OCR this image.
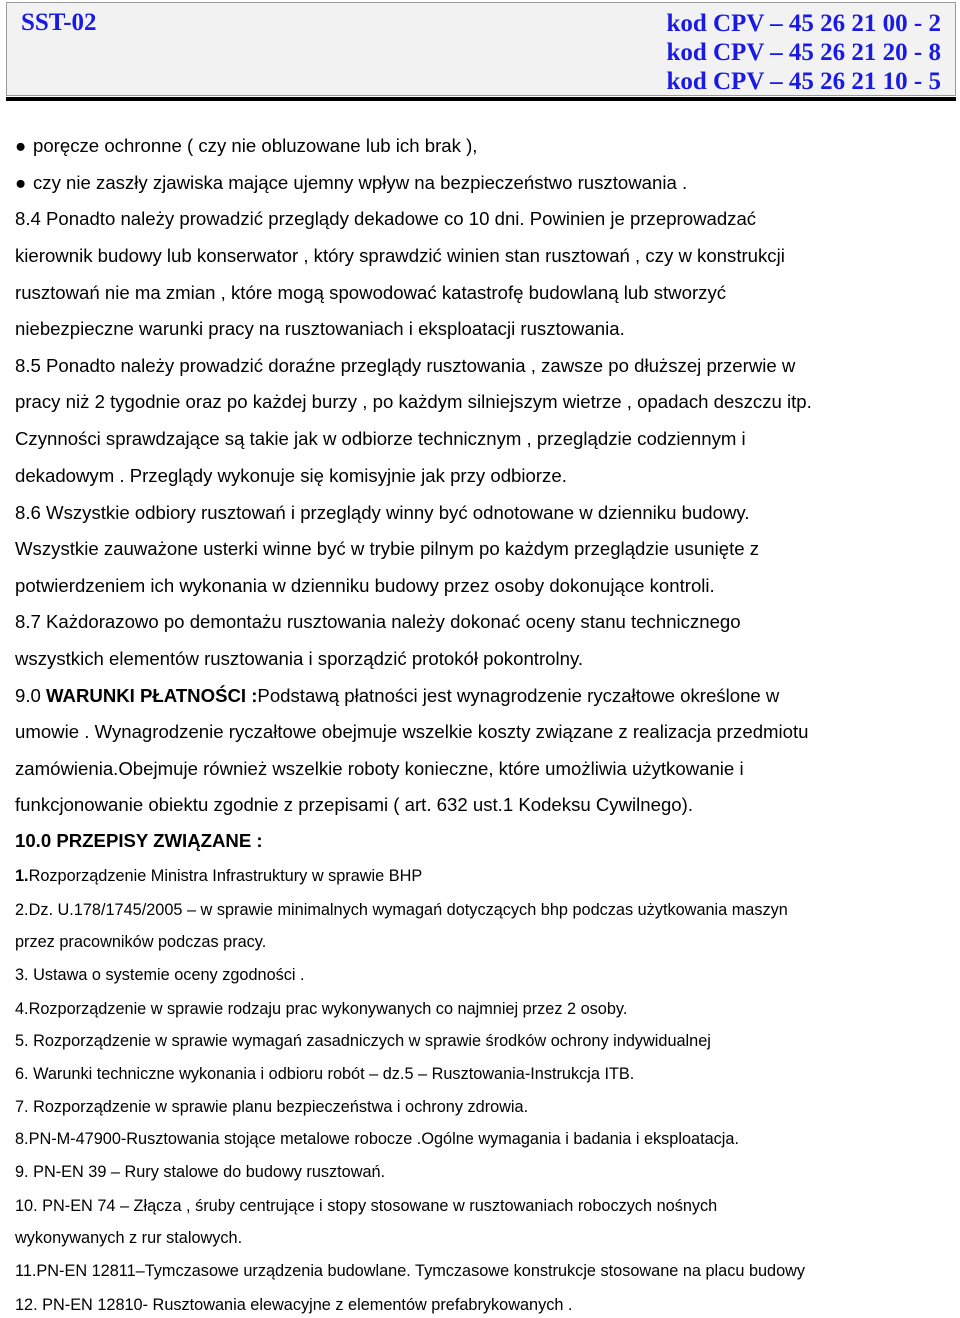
SST-02	kod CPV – 45 26 21 00 - 2
kod CPV – 45 26 21 20 - 8
kod CPV – 45 26 21 10 - 5
● poręcze ochronne ( czy nie obluzowane lub ich brak ),
● czy nie zaszły zjawiska mające ujemny wpływ na bezpieczeństwo rusztowania .
8.4 Ponadto należy prowadzić przeglądy dekadowe co 10 dni. Powinien je przeprowadzać
kierownik budowy lub konserwator , który sprawdzić winien stan rusztowań , czy w konstrukcji
rusztowań nie ma zmian , które mogą spowodować katastrofę budowlaną lub stworzyć
niebezpieczne warunki pracy na rusztowaniach i eksploatacji rusztowania.
8.5 Ponadto należy prowadzić doraźne przeglądy rusztowania , zawsze po dłuższej przerwie w
pracy niż 2 tygodnie oraz po każdej burzy , po każdym silniejszym wietrze , opadach deszczu itp.
Czynności sprawdzające są takie jak w odbiorze technicznym , przeglądzie codziennym i
dekadowym . Przeglądy wykonuje się komisyjnie jak przy odbiorze.
8.6 Wszystkie odbiory rusztowań i przeglądy winny być odnotowane w dzienniku budowy.
Wszystkie zauważone usterki winne być w trybie pilnym po każdym przeglądzie usunięte z
potwierdzeniem ich wykonania w dzienniku budowy przez osoby dokonujące kontroli.
8.7 Każdorazowo po demontażu rusztowania należy dokonać oceny stanu technicznego
wszystkich elementów rusztowania i sporządzić protokół pokontrolny.
9.0 WARUNKI PŁATNOŚCI :Podstawą płatności jest wynagrodzenie ryczałtowe określone w
umowie . Wynagrodzenie ryczałtowe obejmuje wszelkie koszty związane z realizacja przedmiotu
zamówienia.Obejmuje również wszelkie roboty konieczne, które umożliwia użytkowanie i
funkcjonowanie obiektu zgodnie z przepisami ( art. 632 ust.1 Kodeksu Cywilnego).
10.0 PRZEPISY ZWIĄZANE :
1.Rozporządzenie Ministra Infrastruktury w sprawie BHP
2.Dz. U.178/1745/2005 – w sprawie minimalnych wymagań dotyczących bhp podczas użytkowania maszyn
przez pracowników podczas pracy.
3. Ustawa o systemie oceny zgodności .
4.Rozporządzenie w sprawie rodzaju prac wykonywanych co najmniej przez 2 osoby.
5. Rozporządzenie w sprawie wymagań zasadniczych w sprawie środków ochrony indywidualnej
6. Warunki techniczne wykonania i odbioru robót – dz.5 – Rusztowania-Instrukcja ITB.
7. Rozporządzenie w sprawie planu bezpieczeństwa i ochrony zdrowia.
8.PN-M-47900-Rusztowania stojące metalowe robocze .Ogólne wymagania i badania i eksploatacja.
9. PN-EN 39 – Rury stalowe do budowy rusztowań.
10. PN-EN 74 – Złącza , śruby centrujące i stopy stosowane w rusztowaniach roboczych nośnych
wykonywanych z rur stalowych.
11.PN-EN 12811–Tymczasowe urządzenia budowlane. Tymczasowe konstrukcje stosowane na placu budowy
12. PN-EN 12810- Rusztowania elewacyjne z elementów prefabrykowanych .
